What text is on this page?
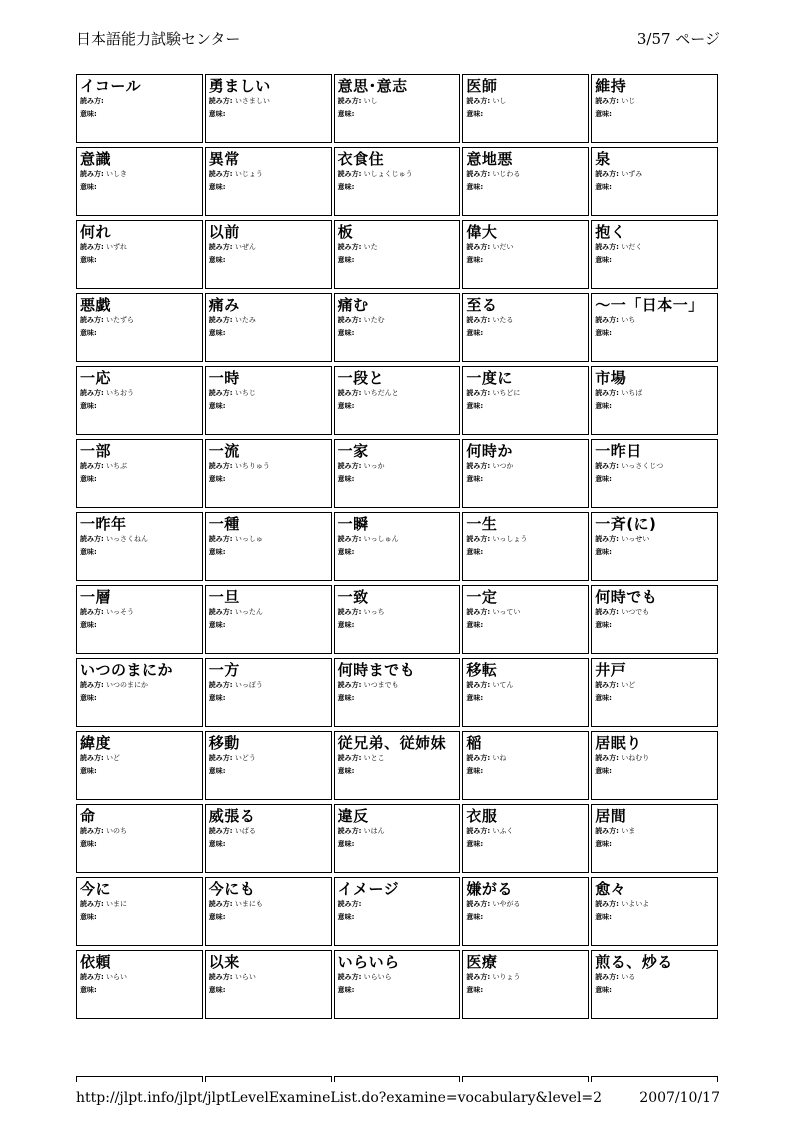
日本語能力試験センター	3/57 ページ
イコール
読み方:
意味:
勇ましい
読み方: いさましい
意味:
意思･意志
読み方: いし
意味:
医師
読み方: いし
意味:
維持
読み方: いじ
意味:
意識
読み方: いしき
意味:
異常
読み方: いじょう
意味:
衣食住
読み方: いしょくじゅう
意味:
意地悪
読み方: いじわる
意味:
泉
読み方: いずみ
意味:
何れ
読み方: いずれ
意味:
以前
読み方: いぜん
意味:
板
読み方: いた
意味:
偉大
読み方: いだい
意味:
抱く
読み方: いだく
意味:
悪戯
読み方: いたずら
意味:
痛み
読み方: いたみ
意味:
痛む
読み方: いたむ
意味:
至る
読み方: いたる
意味:
～一「日本一」
読み方: いち
意味:
一応
読み方: いちおう
意味:
一時
読み方: いちじ
意味:
一段と
読み方: いちだんと
意味:
一度に
読み方: いちどに
意味:
市場
読み方: いちば
意味:
一部
読み方: いちぶ
意味:
一流
読み方: いちりゅう
意味:
一家
読み方: いっか
意味:
何時か
読み方: いつか
意味:
一昨日
読み方: いっさくじつ
意味:
一昨年
読み方: いっさくねん
意味:
一種
読み方: いっしゅ
意味:
一瞬
読み方: いっしゅん
意味:
一生
読み方: いっしょう
意味:
一斉(に)
読み方: いっせい
意味:
一層
読み方: いっそう
意味:
一旦
読み方: いったん
意味:
一致
読み方: いっち
意味:
一定
読み方: いってい
意味:
何時でも
読み方: いつでも
意味:
いつのまにか
読み方: いつのまにか
意味:
一方
読み方: いっぽう
意味:
何時までも
読み方: いつまでも
意味:
移転
読み方: いてん
意味:
井戸
読み方: いど
意味:
緯度
読み方: いど
意味:
移動
読み方: いどう
意味:
従兄弟、従姉妹
読み方: いとこ
意味:
稲
読み方: いね
意味:
居眠り
読み方: いねむり
意味:
命
読み方: いのち
意味:
威張る
読み方: いばる
意味:
違反
読み方: いはん
意味:
衣服
読み方: いふく
意味:
居間
読み方: いま
意味:
今に
読み方: いまに
意味:
今にも
読み方: いまにも
意味:
イメージ
読み方:
意味:
嫌がる
読み方: いやがる
意味:
愈々
読み方: いよいよ
意味:
依頼
読み方: いらい
意味:
以来
読み方: いらい
意味:
いらいら
読み方: いらいら
意味:
医療
読み方: いりょう
意味:
煎る、炒る
読み方: いる
意味:
http://jlpt.info/jlpt/jlptLevelExamineList.do?examine=vocabulary&level=2	2007/10/17
